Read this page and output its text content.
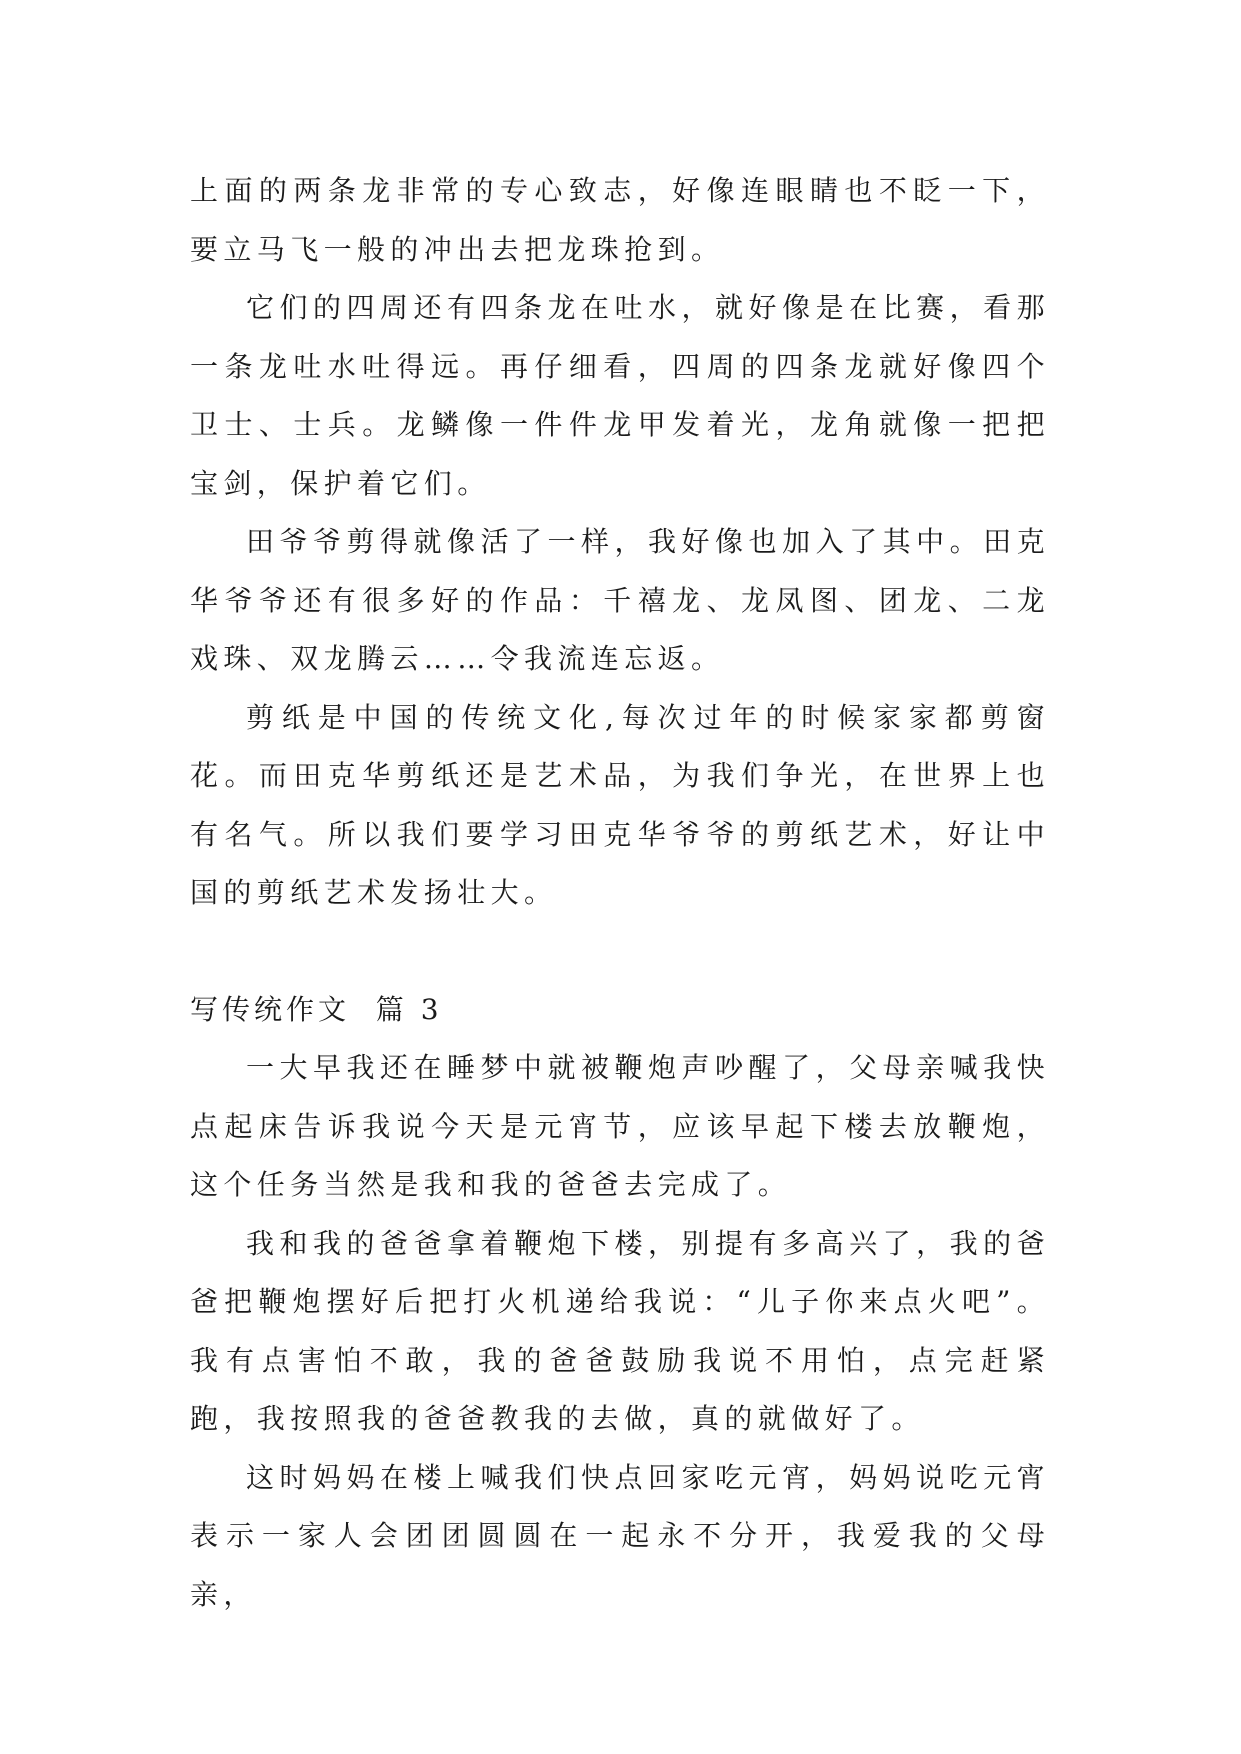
上面的两条龙非常的专心致志，好像连眼睛也不眨一下，要立马飞一般的冲出去把龙珠抢到。

它们的四周还有四条龙在吐水，就好像是在比赛，看那一条龙吐水吐得远。再仔细看，四周的四条龙就好像四个卫士、士兵。龙鳞像一件件龙甲发着光，龙角就像一把把宝剑，保护着它们。

田爷爷剪得就像活了一样，我好像也加入了其中。田克华爷爷还有很多好的作品：千禧龙、龙凤图、团龙、二龙戏珠、双龙腾云……令我流连忘返。

剪纸是中国的传统文化,每次过年的时候家家都剪窗花。而田克华剪纸还是艺术品，为我们争光，在世界上也有名气。所以我们要学习田克华爷爷的剪纸艺术，好让中国的剪纸艺术发扬壮大。

写传统作文  篇 3

一大早我还在睡梦中就被鞭炮声吵醒了，父母亲喊我快点起床告诉我说今天是元宵节，应该早起下楼去放鞭炮，这个任务当然是我和我的爸爸去完成了。

我和我的爸爸拿着鞭炮下楼，别提有多高兴了，我的爸爸把鞭炮摆好后把打火机递给我说：“儿子你来点火吧”。我有点害怕不敢，我的爸爸鼓励我说不用怕，点完赶紧跑，我按照我的爸爸教我的去做，真的就做好了。

这时妈妈在楼上喊我们快点回家吃元宵，妈妈说吃元宵表示一家人会团团圆圆在一起永不分开，我爱我的父母亲，
